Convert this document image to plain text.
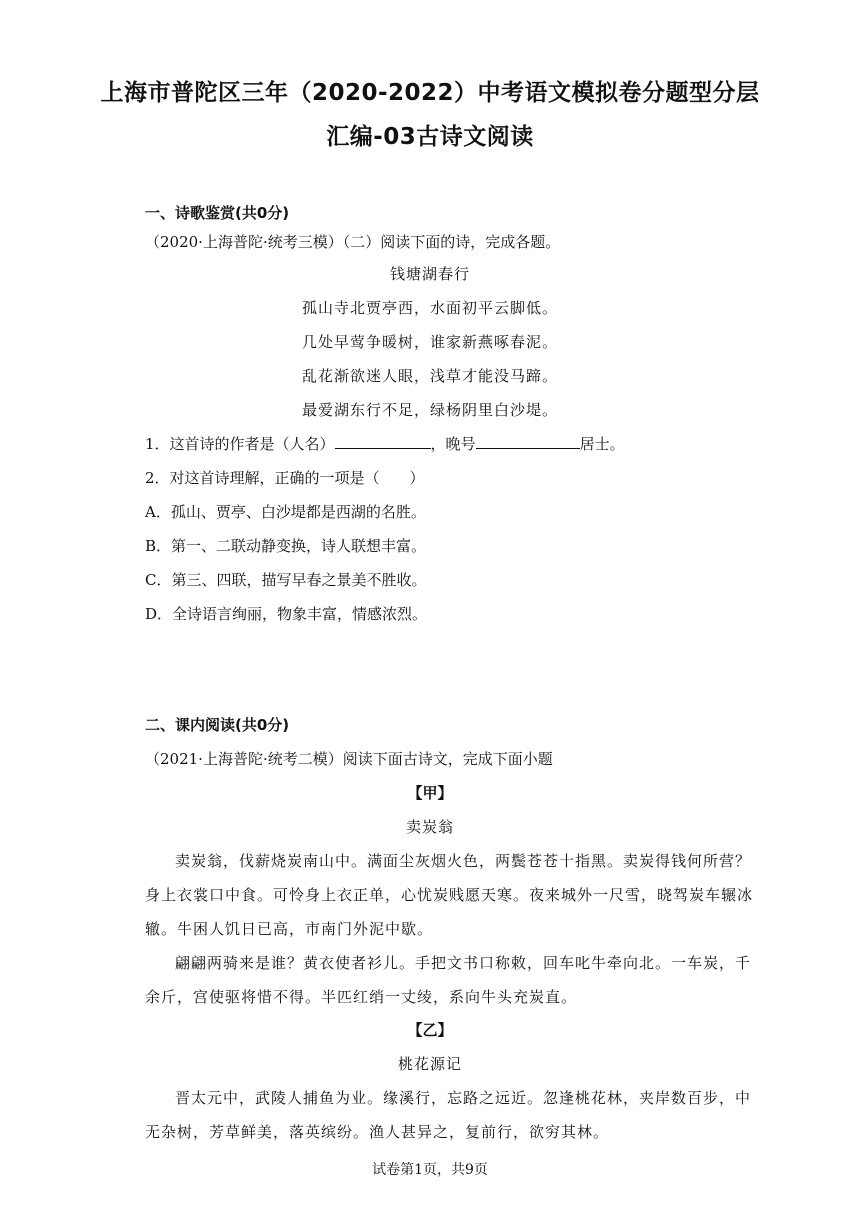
上海市普陀区三年（2020-2022）中考语文模拟卷分题型分层
汇编-03古诗文阅读
一、诗歌鉴赏(共0分)
（2020·上海普陀·统考三模）（二）阅读下面的诗，完成各题。
钱塘湖春行
孤山寺北贾亭西，水面初平云脚低。
几处早莺争暖树，谁家新燕啄春泥。
乱花渐欲迷人眼，浅草才能没马蹄。
最爱湖东行不足，绿杨阴里白沙堤。
1．这首诗的作者是（人名）	，晚号	居士。
2．对这首诗理解，正确的一项是（　　）
A．孤山、贾亭、白沙堤都是西湖的名胜。
B．第一、二联动静变换，诗人联想丰富。
C．第三、四联，描写早春之景美不胜收。
D．全诗语言绚丽，物象丰富，情感浓烈。
二、课内阅读(共0分)
（2021·上海普陀·统考二模）阅读下面古诗文，完成下面小题
【甲】
卖炭翁
卖炭翁，伐薪烧炭南山中。满面尘灰烟火色，两鬓苍苍十指黑。卖炭得钱何所营？
身上衣裳口中食。可怜身上衣正单，心忧炭贱愿天寒。夜来城外一尺雪，晓驾炭车辗冰
辙。牛困人饥日已高，市南门外泥中歇。
翩翩两骑来是谁？黄衣使者衫儿。手把文书口称敕，回车叱牛牵向北。一车炭，千
余斤，宫使驱将惜不得。半匹红绡一丈绫，系向牛头充炭直。
【乙】
桃花源记
晋太元中，武陵人捕鱼为业。缘溪行，忘路之远近。忽逢桃花林，夹岸数百步，中
无杂树，芳草鲜美，落英缤纷。渔人甚异之，复前行，欲穷其林。
试卷第1页，共9页
